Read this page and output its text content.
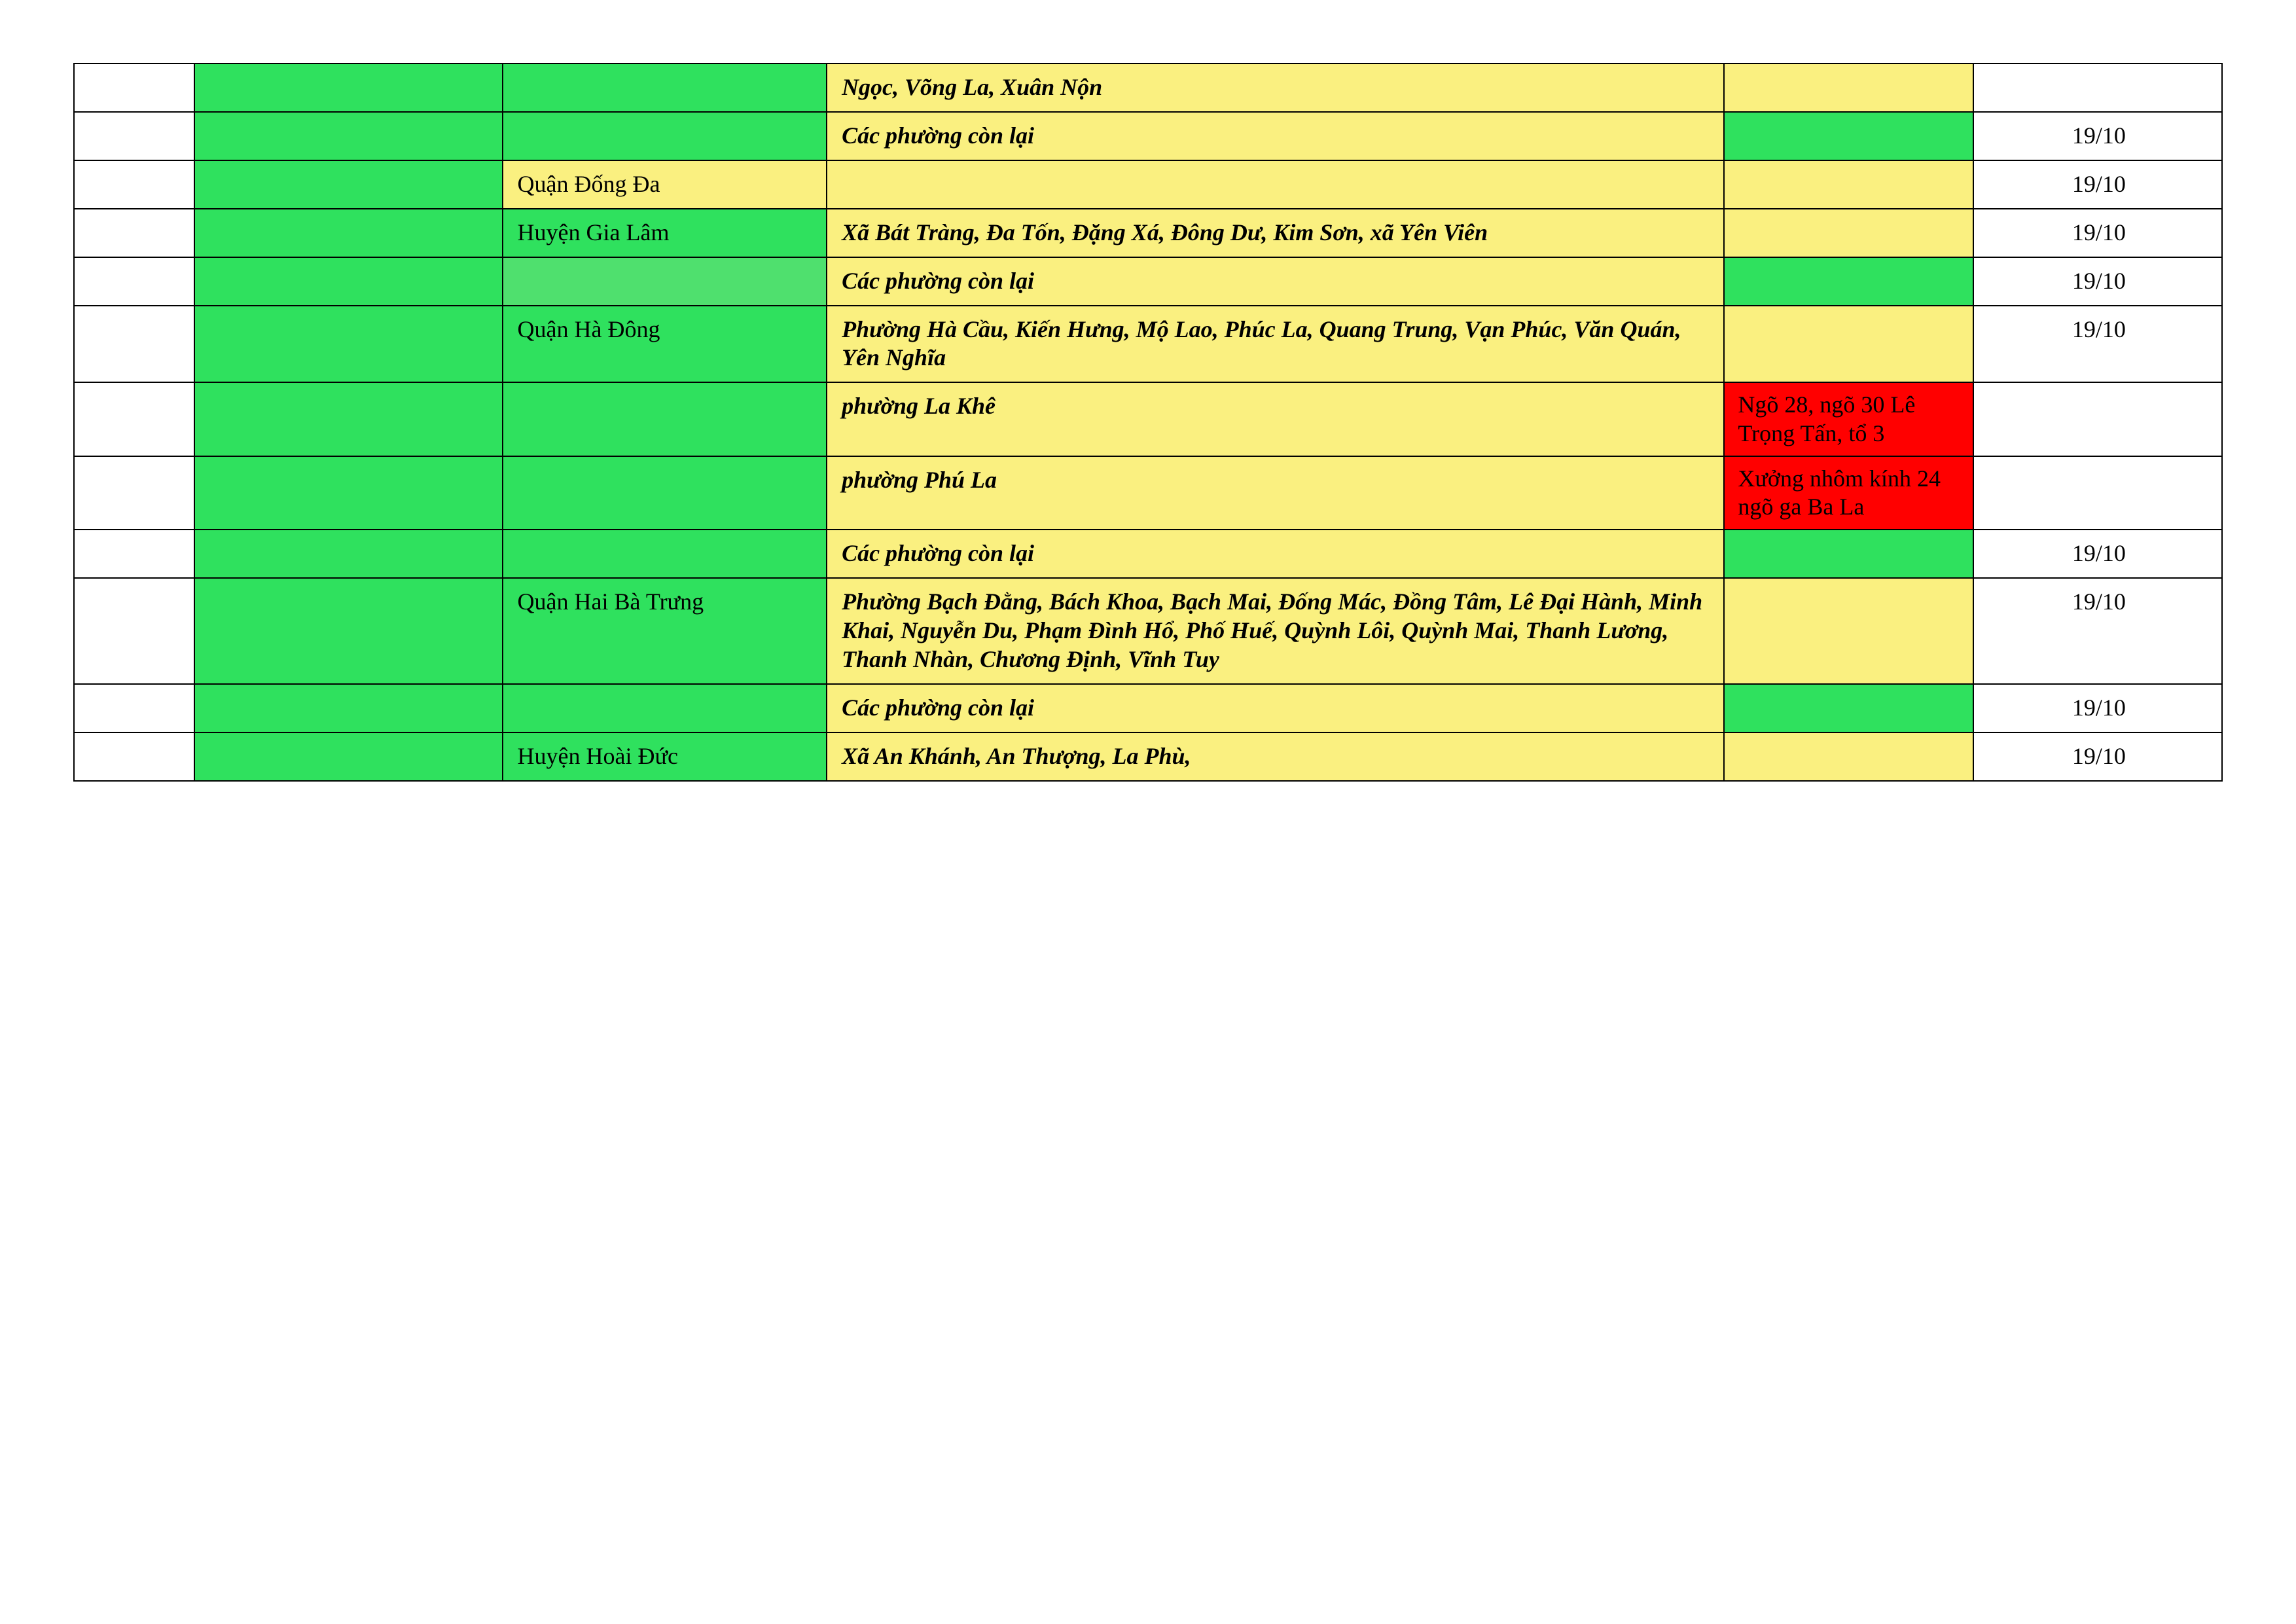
			Ngọc, Võng La, Xuân Nộn		

			Các phường còn lại		19/10

		Quận Đống Đa			19/10

		Huyện Gia Lâm	Xã Bát Tràng, Đa Tốn, Đặng Xá, Đông Dư, Kim Sơn, xã Yên Viên		19/10

			Các phường còn lại		19/10

		Quận Hà Đông	Phường Hà Cầu, Kiến Hưng, Mộ Lao, Phúc La, Quang Trung, Vạn Phúc, Văn Quán, Yên Nghĩa		19/10

			phường La Khê	Ngõ 28, ngõ 30 Lê Trọng Tấn, tổ 3	

			phường Phú La	Xưởng nhôm kính 24 ngõ ga Ba La	

			Các phường còn lại		19/10

		Quận Hai Bà Trưng	Phường Bạch Đằng, Bách Khoa, Bạch Mai, Đống Mác, Đồng Tâm, Lê Đại Hành, Minh Khai, Nguyễn Du, Phạm Đình Hổ, Phố Huế, Quỳnh Lôi, Quỳnh Mai, Thanh Lương, Thanh Nhàn, Chương Định, Vĩnh Tuy		19/10

			Các phường còn lại		19/10

		Huyện Hoài Đức	Xã An Khánh, An Thượng, La Phù,		19/10
